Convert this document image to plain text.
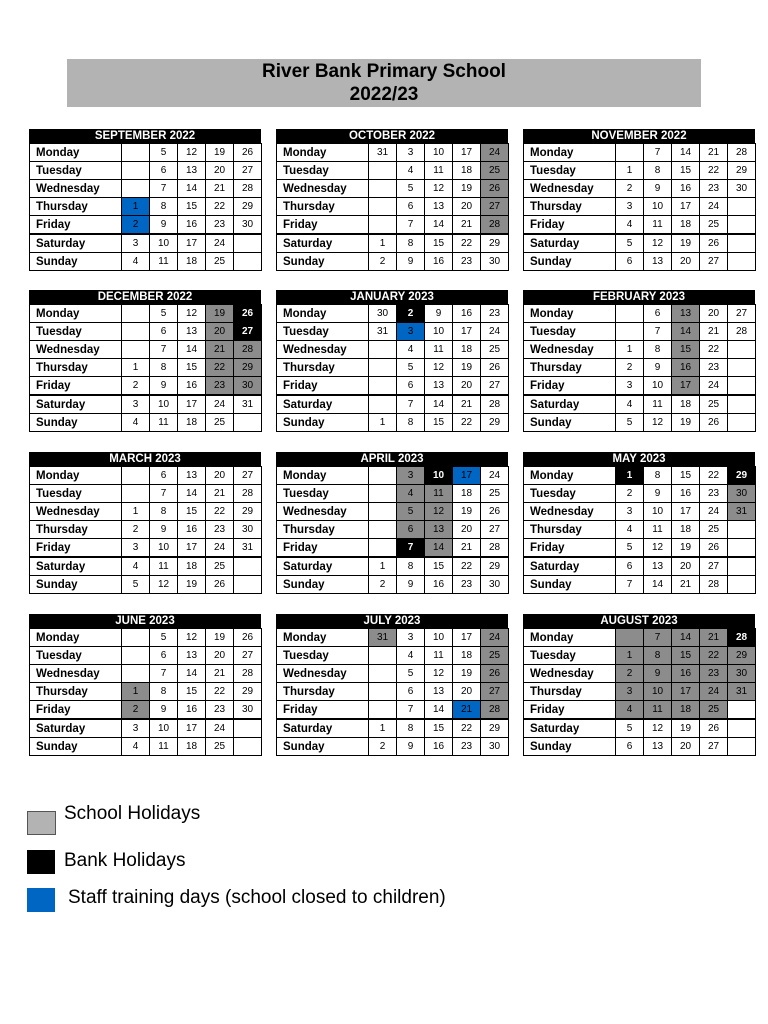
River Bank Primary School
2022/23
SEPTEMBER 2022
Monday		5	12	19	26
Tuesday		6	13	20	27
Wednesday		7	14	21	28
Thursday	1	8	15	22	29
Friday	2	9	16	23	30
Saturday	3	10	17	24	
Sunday	4	11	18	25	
OCTOBER 2022
Monday	31	3	10	17	24
Tuesday		4	11	18	25
Wednesday		5	12	19	26
Thursday		6	13	20	27
Friday		7	14	21	28
Saturday	1	8	15	22	29
Sunday	2	9	16	23	30
NOVEMBER 2022
Monday		7	14	21	28
Tuesday	1	8	15	22	29
Wednesday	2	9	16	23	30
Thursday	3	10	17	24	
Friday	4	11	18	25	
Saturday	5	12	19	26	
Sunday	6	13	20	27	
DECEMBER 2022
Monday		5	12	19	26
Tuesday		6	13	20	27
Wednesday		7	14	21	28
Thursday	1	8	15	22	29
Friday	2	9	16	23	30
Saturday	3	10	17	24	31
Sunday	4	11	18	25	
JANUARY 2023
Monday	30	2	9	16	23
Tuesday	31	3	10	17	24
Wednesday		4	11	18	25
Thursday		5	12	19	26
Friday		6	13	20	27
Saturday		7	14	21	28
Sunday	1	8	15	22	29
FEBRUARY 2023
Monday		6	13	20	27
Tuesday		7	14	21	28
Wednesday	1	8	15	22	
Thursday	2	9	16	23	
Friday	3	10	17	24	
Saturday	4	11	18	25	
Sunday	5	12	19	26	
MARCH 2023
Monday		6	13	20	27
Tuesday		7	14	21	28
Wednesday	1	8	15	22	29
Thursday	2	9	16	23	30
Friday	3	10	17	24	31
Saturday	4	11	18	25	
Sunday	5	12	19	26	
APRIL 2023
Monday		3	10	17	24
Tuesday		4	11	18	25
Wednesday		5	12	19	26
Thursday		6	13	20	27
Friday		7	14	21	28
Saturday	1	8	15	22	29
Sunday	2	9	16	23	30
MAY 2023
Monday	1	8	15	22	29
Tuesday	2	9	16	23	30
Wednesday	3	10	17	24	31
Thursday	4	11	18	25	
Friday	5	12	19	26	
Saturday	6	13	20	27	
Sunday	7	14	21	28	
JUNE 2023
Monday		5	12	19	26
Tuesday		6	13	20	27
Wednesday		7	14	21	28
Thursday	1	8	15	22	29
Friday	2	9	16	23	30
Saturday	3	10	17	24	
Sunday	4	11	18	25	
JULY 2023
Monday	31	3	10	17	24
Tuesday		4	11	18	25
Wednesday		5	12	19	26
Thursday		6	13	20	27
Friday		7	14	21	28
Saturday	1	8	15	22	29
Sunday	2	9	16	23	30
AUGUST 2023
Monday		7	14	21	28
Tuesday	1	8	15	22	29
Wednesday	2	9	16	23	30
Thursday	3	10	17	24	31
Friday	4	11	18	25	
Saturday	5	12	19	26	
Sunday	6	13	20	27	
School Holidays
Bank Holidays
Staff training days (school closed to children)
